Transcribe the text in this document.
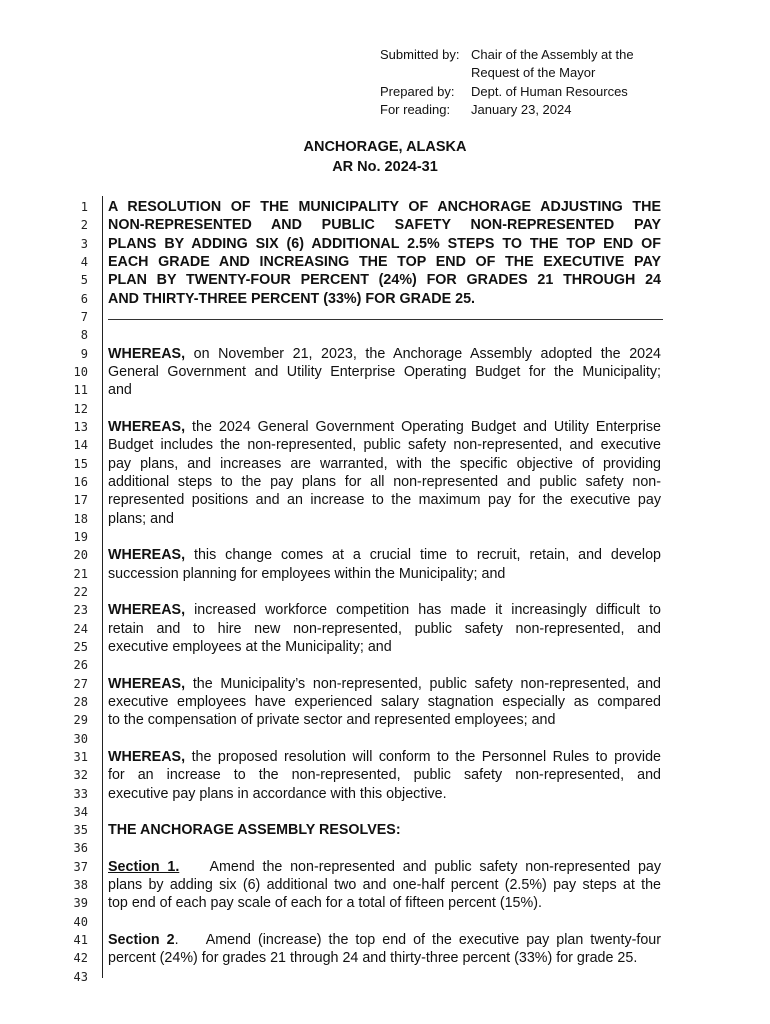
Submitted by: Chair of the Assembly at the
Request of the Mayor
Prepared by:	Dept. of Human Resources
For reading:	January 23, 2024
ANCHORAGE, ALASKA
AR No. 2024-31
1
2
3
4
5
6
7
8
9
10
11
12
13
14
15
16
17
18
19
20
21
22
23
24
25
26
27
28
29
30
31
32
33
34
35
36
37
38
39
40
41
42
43
A RESOLUTION OF THE MUNICIPALITY OF ANCHORAGE ADJUSTING THE
NON-REPRESENTED AND PUBLIC SAFETY NON-REPRESENTED PAY
PLANS BY ADDING SIX (6) ADDITIONAL 2.5% STEPS TO THE TOP END OF
EACH GRADE AND INCREASING THE TOP END OF THE EXECUTIVE PAY
PLAN BY TWENTY-FOUR PERCENT (24%) FOR GRADES 21 THROUGH 24
AND THIRTY-THREE PERCENT (33%) FOR GRADE 25.
WHEREAS, on November 21, 2023, the Anchorage Assembly adopted the 2024
General Government and Utility Enterprise Operating Budget for the Municipality;
and
WHEREAS, the 2024 General Government Operating Budget and Utility Enterprise
Budget includes the non-represented, public safety non-represented, and executive
pay plans, and increases are warranted, with the specific objective of providing
additional steps to the pay plans for all non-represented and public safety non-
represented positions and an increase to the maximum pay for the executive pay
plans; and
WHEREAS, this change comes at a crucial time to recruit, retain, and develop
succession planning for employees within the Municipality; and
WHEREAS, increased workforce competition has made it increasingly difficult to
retain and to hire new non-represented, public safety non-represented, and
executive employees at the Municipality; and
WHEREAS, the Municipality’s non-represented, public safety non-represented, and
executive employees have experienced salary stagnation especially as compared
to the compensation of private sector and represented employees; and
WHEREAS, the proposed resolution will conform to the Personnel Rules to provide
for an increase to the non-represented, public safety non-represented, and
executive pay plans in accordance with this objective.
THE ANCHORAGE ASSEMBLY RESOLVES:
Section 1. Amend the non-represented and public safety non-represented pay
plans by adding six (6) additional two and one-half percent (2.5%) pay steps at the
top end of each pay scale of each for a total of fifteen percent (15%).
Section 2.    Amend (increase) the top end of the executive pay plan twenty-four
percent (24%) for grades 21 through 24 and thirty-three percent (33%) for grade 25.
